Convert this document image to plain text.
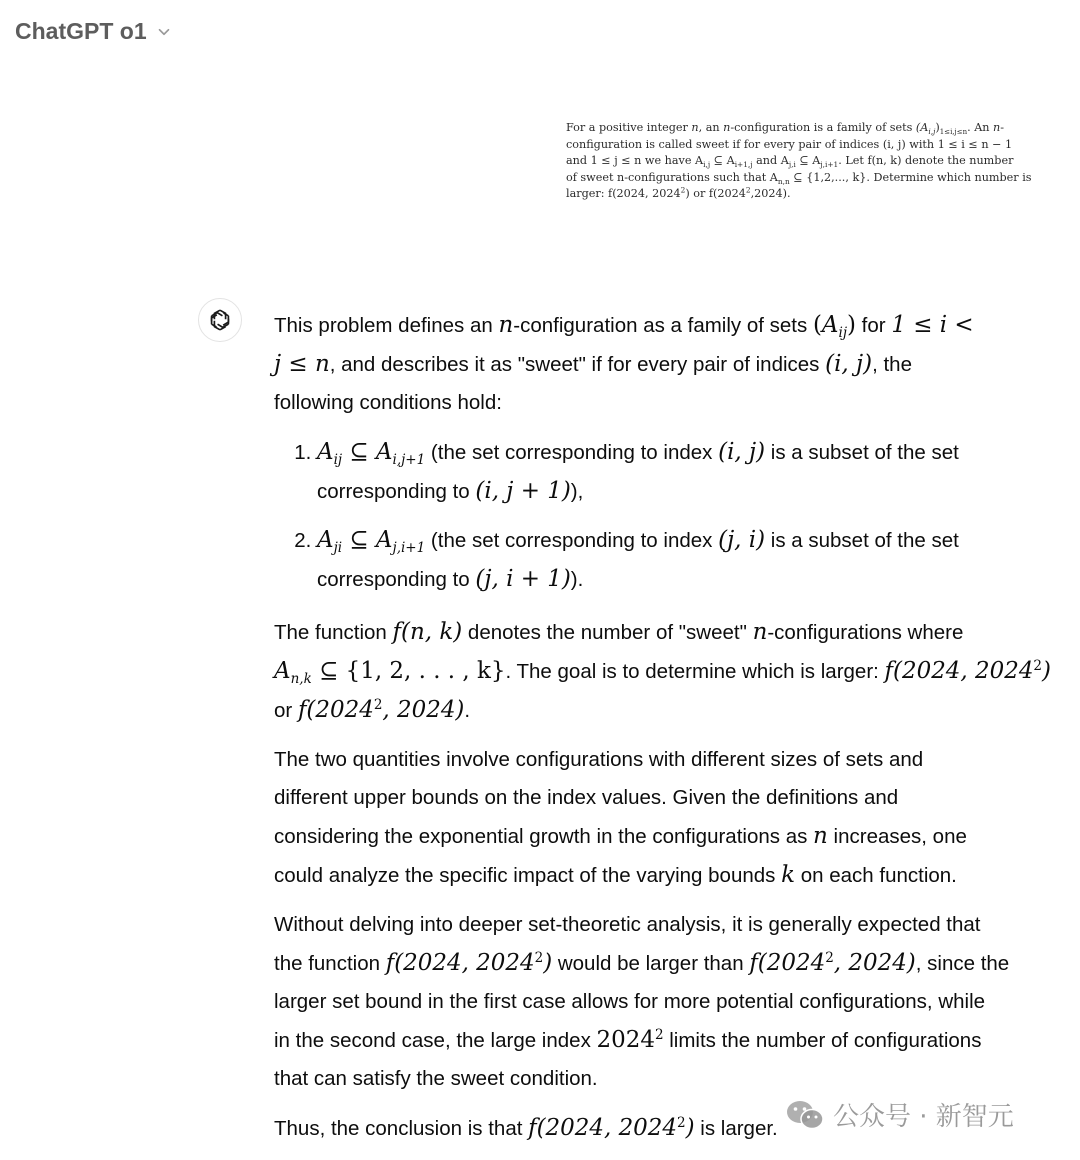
ChatGPT o1

For a positive integer n, an n-configuration is a family of sets $(A_{i,j})_{1\le i,j\le n}$. An n-

configuration is called sweet if for every pair of indices (i, j) with 1 ≤ i ≤ n − 1

and 1 ≤ j ≤ n we have $A_{i,j}$ ⊆ $A_{i+1,j}$ and $A_{j,i}$ ⊆ $A_{j,i+1}$. Let f(n, k) denote the number

of sweet n-configurations such that $A_{n,n}$ ⊆ {1,2,..., k}. Determine which number is

larger: f(2024, 2024$^2$) or f(2024$^2$,2024).

This problem defines an n-configuration as a family of sets $(A_{ij})$ for 1 ≤ i <
j ≤ n, and describes it as "sweet" if for every pair of indices (i, j), the
following conditions hold:

1. $A_{ij}$ ⊆ $A_{i,j+1}$ (the set corresponding to index (i, j) is a subset of the set
corresponding to (i, j + 1)),
2. $A_{ji}$ ⊆ $A_{j,i+1}$ (the set corresponding to index (j, i) is a subset of the set
corresponding to (j, i + 1)).

The function f(n, k) denotes the number of "sweet" n-configurations where
$A_{n,k}$ ⊆ {1, 2, . . . , k}. The goal is to determine which is larger: f(2024, 2024$^2$)
or f(2024$^2$, 2024).

The two quantities involve configurations with different sizes of sets and
different upper bounds on the index values. Given the definitions and
considering the exponential growth in the configurations as n increases, one
could analyze the specific impact of the varying bounds k on each function.

Without delving into deeper set-theoretic analysis, it is generally expected that
the function f(2024, 2024$^2$) would be larger than f(2024$^2$, 2024), since the
larger set bound in the first case allows for more potential configurations, while
in the second case, the large index 2024$^2$ limits the number of configurations
that can satisfy the sweet condition.

Thus, the conclusion is that f(2024, 2024$^2$) is larger.	公众号 · 新智元
